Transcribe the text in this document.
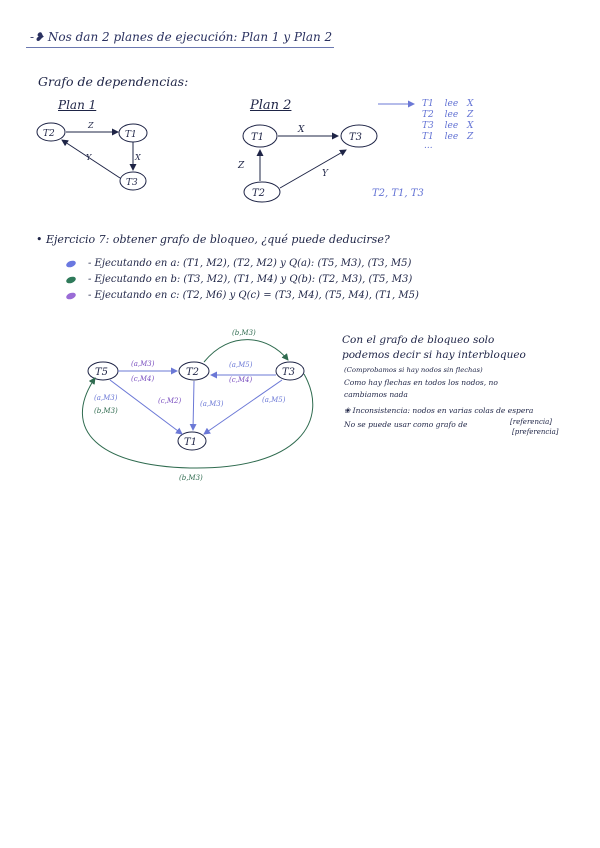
-❥ Nos dan 2 planes de ejecución: Plan 1 y Plan 2
Grafo de dependencias:
Plan 1	Plan 2
T2	T1
T3
Z
X
Y
T1	T3
T2
X
Z
Y
T1 lee X
T2 lee Z
T3 lee X
T1 lee Z
...
T2, T1, T3
• Ejercicio 7: obtener grafo de bloqueo, ¿qué puede deducirse?
- Ejecutando en a: (T1, M2), (T2, M2) y Q(a): (T5, M3), (T3, M5)
- Ejecutando en b: (T3, M2), (T1, M4) y Q(b): (T2, M3), (T5, M3)
- Ejecutando en c: (T2, M6) y Q(c) = (T3, M4), (T5, M4), (T1, M5)
T5	T2	T3
T1
(a,M3)
(c,M4)
(a,M5)
(c,M4)
(b,M3)
(a,M3)
(b,M3)
(c,M2)	(a,M3)	(a,M5)
(b,M3)
Con el grafo de bloqueo solo
podemos decir si hay interbloqueo
(Comprobamos si hay nodos sin flechas)
Como hay flechas en todos los nodos, no
cambiamos nada
❀ Inconsistencia: nodos en varias colas de espera
No se puede usar como grafo de	[referencia]
[preferencia]
